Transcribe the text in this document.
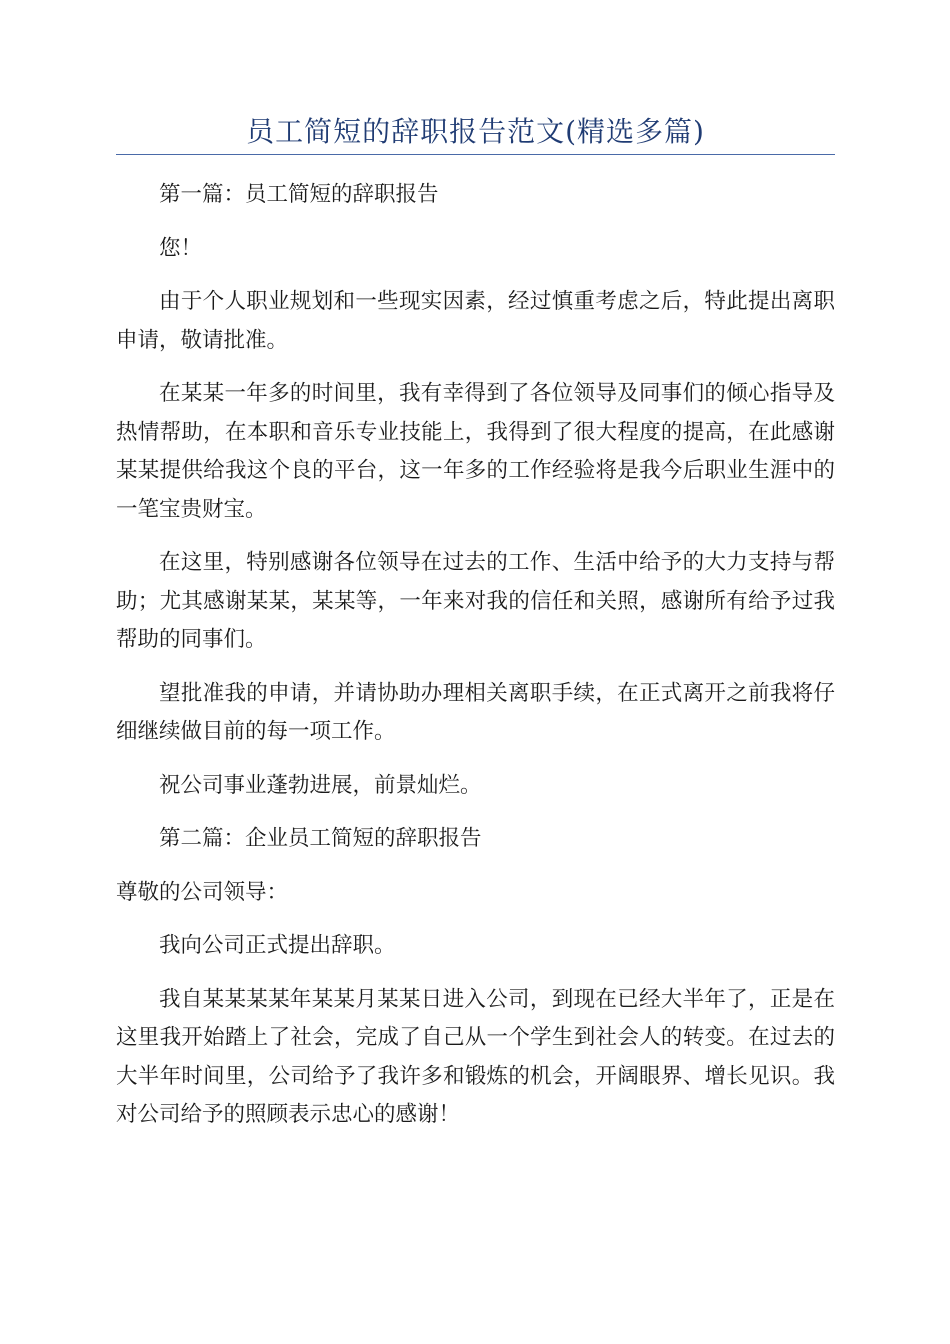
员工简短的辞职报告范文(精选多篇)

第一篇：员工简短的辞职报告

您！

由于个人职业规划和一些现实因素，经过慎重考虑之后，特此提出离职申请，敬请批准。

在某某一年多的时间里，我有幸得到了各位领导及同事们的倾心指导及热情帮助，在本职和音乐专业技能上，我得到了很大程度的提高，在此感谢某某提供给我这个良的平台，这一年多的工作经验将是我今后职业生涯中的一笔宝贵财宝。

在这里，特别感谢各位领导在过去的工作、生活中给予的大力支持与帮助；尤其感谢某某，某某等，一年来对我的信任和关照，感谢所有给予过我帮助的同事们。

望批准我的申请，并请协助办理相关离职手续，在正式离开之前我将仔细继续做目前的每一项工作。

祝公司事业蓬勃进展，前景灿烂。

第二篇：企业员工简短的辞职报告

尊敬的公司领导：

我向公司正式提出辞职。

我自某某某某年某某月某某日进入公司，到现在已经大半年了，正是在这里我开始踏上了社会，完成了自己从一个学生到社会人的转变。在过去的大半年时间里，公司给予了我许多和锻炼的机会，开阔眼界、增长见识。我对公司给予的照顾表示忠心的感谢！
